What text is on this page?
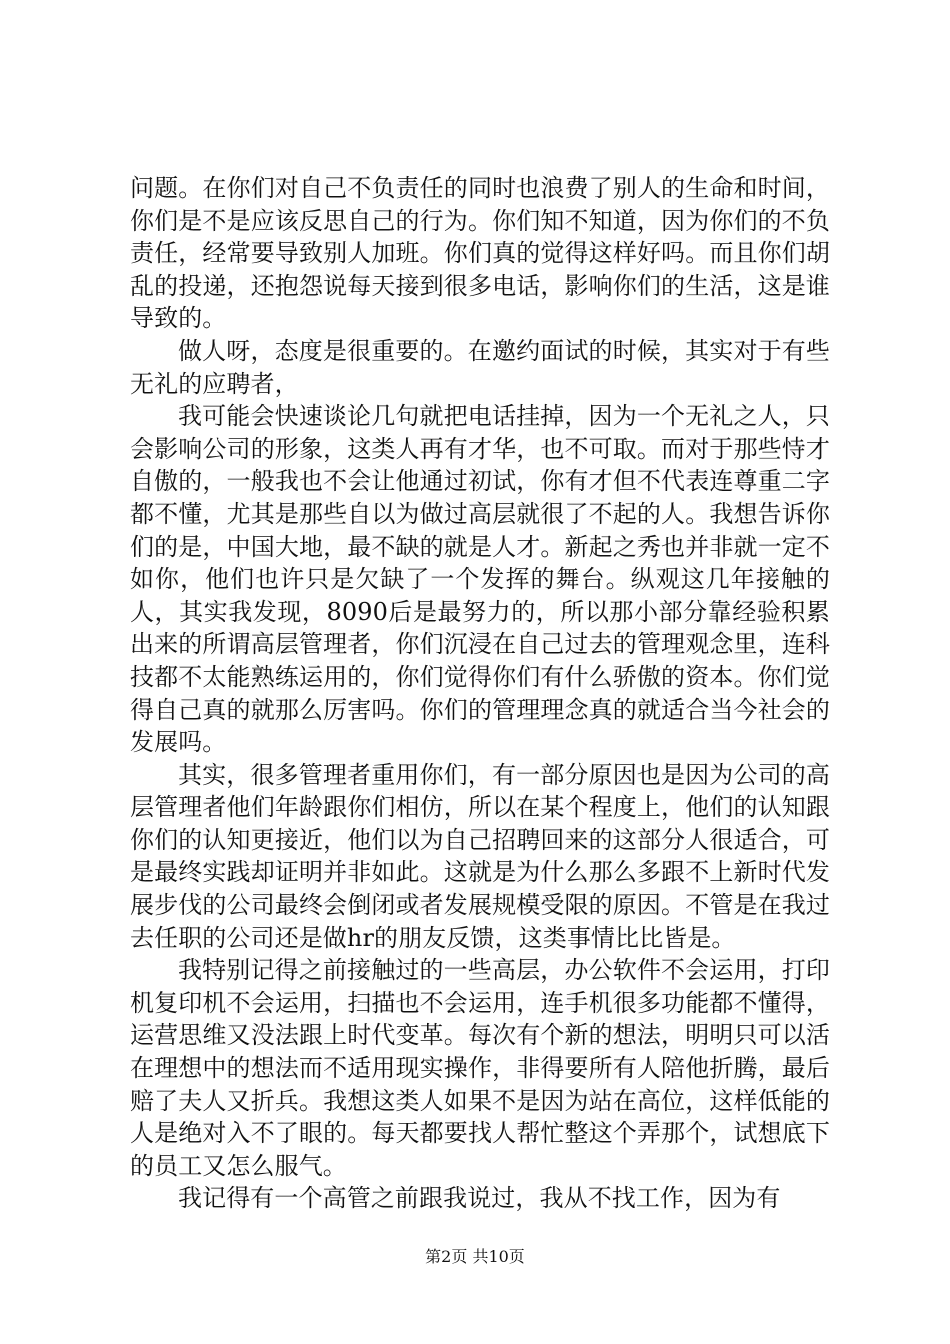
问题。在你们对自己不负责任的同时也浪费了别人的生命和时间，你们是不是应该反思自己的行为。你们知不知道，因为你们的不负责任，经常要导致别人加班。你们真的觉得这样好吗。而且你们胡乱的投递，还抱怨说每天接到很多电话，影响你们的生活，这是谁导致的。

做人呀，态度是很重要的。在邀约面试的时候，其实对于有些无礼的应聘者，

我可能会快速谈论几句就把电话挂掉，因为一个无礼之人，只会影响公司的形象，这类人再有才华，也不可取。而对于那些恃才自傲的，一般我也不会让他通过初试，你有才但不代表连尊重二字都不懂，尤其是那些自以为做过高层就很了不起的人。我想告诉你们的是，中国大地，最不缺的就是人才。新起之秀也并非就一定不如你，他们也许只是欠缺了一个发挥的舞台。纵观这几年接触的人，其实我发现，8090后是最努力的，所以那小部分靠经验积累出来的所谓高层管理者，你们沉浸在自己过去的管理观念里，连科技都不太能熟练运用的，你们觉得你们有什么骄傲的资本。你们觉得自己真的就那么厉害吗。你们的管理理念真的就适合当今社会的发展吗。

其实，很多管理者重用你们，有一部分原因也是因为公司的高层管理者他们年龄跟你们相仿，所以在某个程度上，他们的认知跟你们的认知更接近，他们以为自己招聘回来的这部分人很适合，可是最终实践却证明并非如此。这就是为什么那么多跟不上新时代发展步伐的公司最终会倒闭或者发展规模受限的原因。不管是在我过去任职的公司还是做hr的朋友反馈，这类事情比比皆是。

我特别记得之前接触过的一些高层，办公软件不会运用，打印机复印机不会运用，扫描也不会运用，连手机很多功能都不懂得，运营思维又没法跟上时代变革。每次有个新的想法，明明只可以活在理想中的想法而不适用现实操作，非得要所有人陪他折腾，最后赔了夫人又折兵。我想这类人如果不是因为站在高位，这样低能的人是绝对入不了眼的。每天都要找人帮忙整这个弄那个，试想底下的员工又怎么服气。

我记得有一个高管之前跟我说过，我从不找工作，因为有

第2页 共10页
